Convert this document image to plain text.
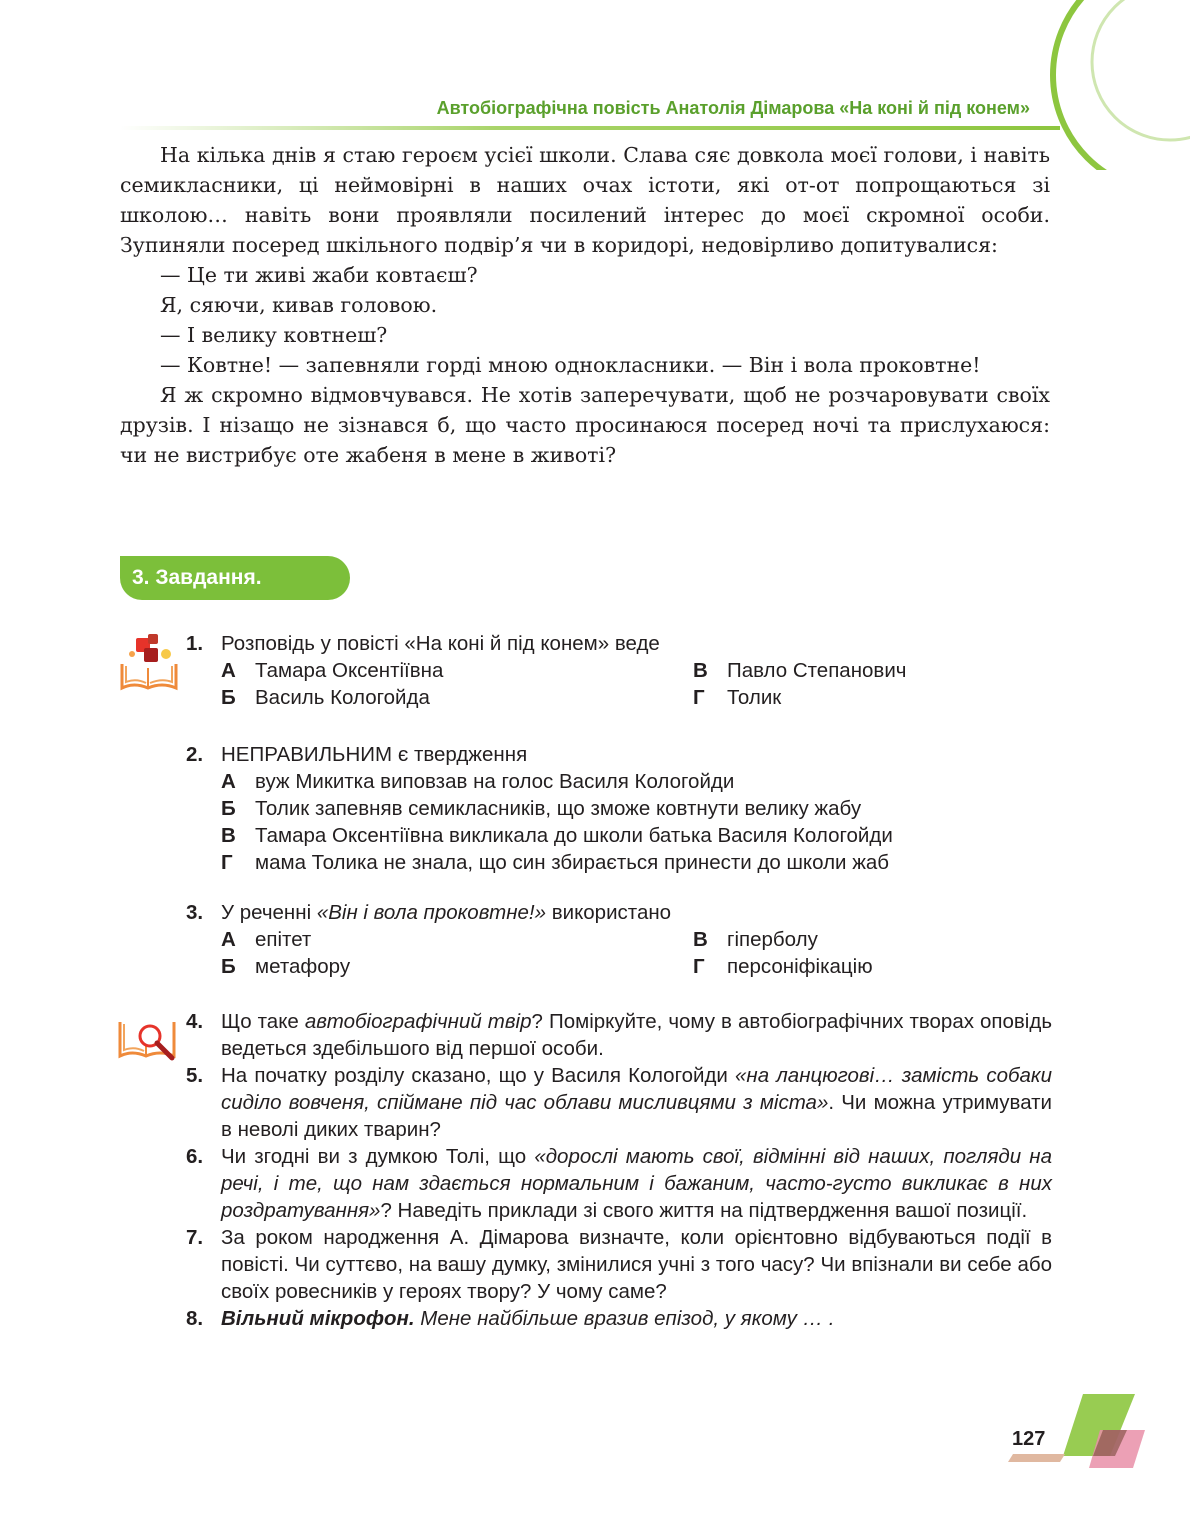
Автобіографічна повість Анатолія Дімарова «На коні й під конем»

На кілька днів я стаю героєм усієї школи. Слава сяє довкола моєї голови, і навіть семикласники, ці неймовірні в наших очах істоти, які от-от попрощаються зі школою… навіть вони проявляли посилений інтерес до моєї скромної особи. Зупиняли посеред шкільного подвір’я чи в коридорі, недовірливо допитувалися:

— Це ти живі жаби ковтаєш?

Я, сяючи, кивав головою.

— І велику ковтнеш?

— Ковтне! — запевняли горді мною однокласники. — Він і вола проковтне!

Я ж скромно відмовчувався. Не хотів заперечувати, щоб не розчаровувати своїх друзів. І нізащо не зізнався б, що часто просинаюся посеред ночі та прислухаюся: чи не вистрибує оте жабеня в мене в животі?

3. Завдання.
1. Розповідь у повісті «На коні й під конем» веде
А Тамара Оксентіївна	В Павло Степанович
Б Василь Кологойда	Г	Толик
2. НЕПРАВИЛЬНИМ є твердження
А вуж Микитка виповзав на голос Василя Кологойди
Б Толик запевняв семикласників, що зможе ковтнути велику жабу
В Тамара Оксентіївна викликала до школи батька Василя Кологойди
Г	мама Толика не знала, що син збирається принести до школи жаб
3. У реченні «Він і вола проковтне!» використано
А епітет	В гіперболу
Б метафору	Г	персоніфікацію
4. Що таке автобіографічний твір? Поміркуйте, чому в автобіографічних творах оповідь ведеться здебільшого від першої особи.
5. На початку розділу сказано, що у Василя Кологойди «на ланцюгові… замість собаки сиділо вовченя, спіймане під час облави мисливцями з міста». Чи можна утримувати в неволі диких тварин?
6. Чи згодні ви з думкою Толі, що «дорослі мають свої, відмінні від наших, погляди на речі, і те, що нам здається нормальним і бажаним, часто-густо викликає в них роздратування»? Наведіть приклади зі свого життя на підтвердження вашої позиції.
7. За роком народження А. Дімарова визначте, коли орієнтовно відбуваються події в повісті. Чи суттєво, на вашу думку, змінилися учні з того часу? Чи впізнали ви себе або своїх ровесників у героях твору? У чому саме?
8. Вільний мікрофон. Мене найбільше вразив епізод, у якому … .
127
